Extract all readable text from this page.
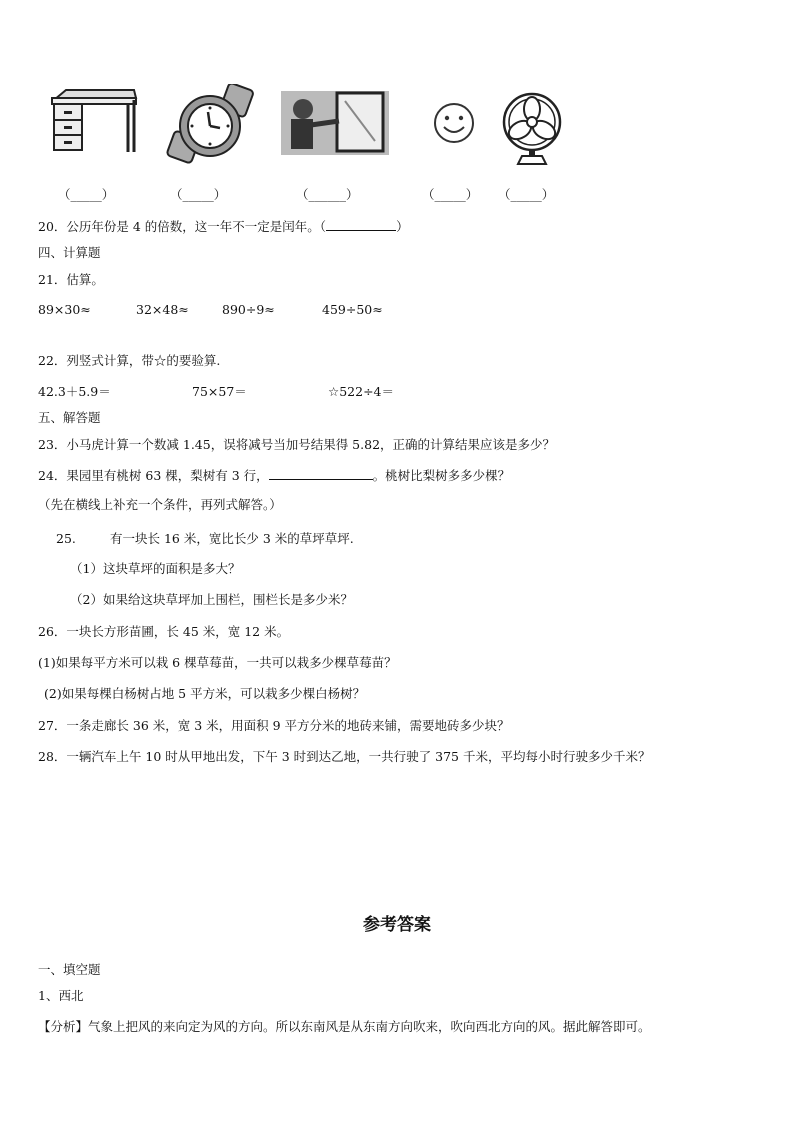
（_____）	（_____）	（______）	（_____） （_____）
20．公历年份是 4 的倍数，这一年不一定是闰年。（	）
四、计算题
21．估算。
89×30≈	32×48≈	890÷9≈	459÷50≈
22．列竖式计算，带☆的要验算.
42.3＋5.9＝	75×57＝	☆522÷4＝
五、解答题
23．小马虎计算一个数减 1.45，误将减号当加号结果得 5.82，正确的计算结果应该是多少？
24．果园里有桃树 63 棵，梨树有 3 行，	。桃树比梨树多多少棵？
（先在横线上补充一个条件，再列式解答。）
25.	有一块长 16 米，宽比长少 3 米的草坪草坪.
（1）这块草坪的面积是多大？
（2）如果给这块草坪加上围栏，围栏长是多少米？
26．一块长方形苗圃，长 45 米，宽 12 米。
(1)如果每平方米可以栽 6 棵草莓苗，一共可以栽多少棵草莓苗？
(2)如果每棵白杨树占地 5 平方米，可以栽多少棵白杨树？
27．一条走廊长 36 米，宽 3 米，用面积 9 平方分米的地砖来铺，需要地砖多少块？
28．一辆汽车上午 10 时从甲地出发，下午 3 时到达乙地，一共行驶了 375 千米，平均每小时行驶多少千米？
参考答案
一、填空题
1、西北
【分析】气象上把风的来向定为风的方向。所以东南风是从东南方向吹来，吹向西北方向的风。据此解答即可。
